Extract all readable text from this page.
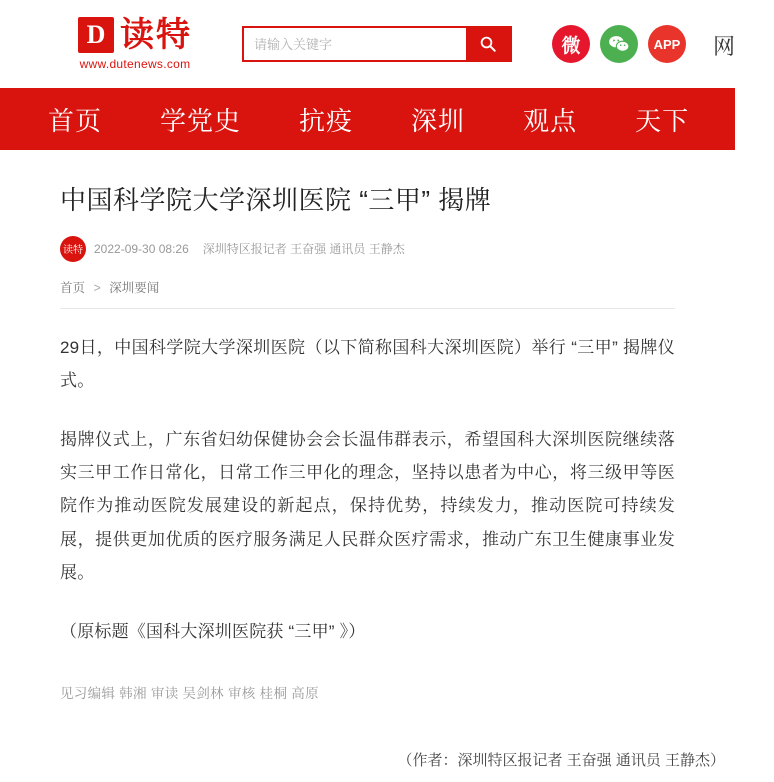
D 读特
www.dutenews.com
请输入关键字
微	APP 网
首页 学党史 抗疫 深圳 观点 天下 上
中国科学院大学深圳医院 “三甲” 揭牌
读特 2022-09-30 08:26 深圳特区报记者 王奋强 通讯员 王静杰
首页 > 深圳要闻

29日，中国科学院大学深圳医院（以下简称国科大深圳医院）举行 “三甲” 揭牌仪式。

揭牌仪式上，广东省妇幼保健协会会长温伟群表示，希望国科大深圳医院继续落实三甲工作日常化，日常工作三甲化的理念，坚持以患者为中心，将三级甲等医院作为推动医院发展建设的新起点，保持优势，持续发力，推动医院可持续发展，提供更加优质的医疗服务满足人民群众医疗需求，推动广东卫生健康事业发展。

（原标题《国科大深圳医院获 “三甲” 》）

见习编辑 韩湘 审读 吴剑林 审核 桂桐 高原
（作者：深圳特区报记者 王奋强 通讯员 王静杰）
